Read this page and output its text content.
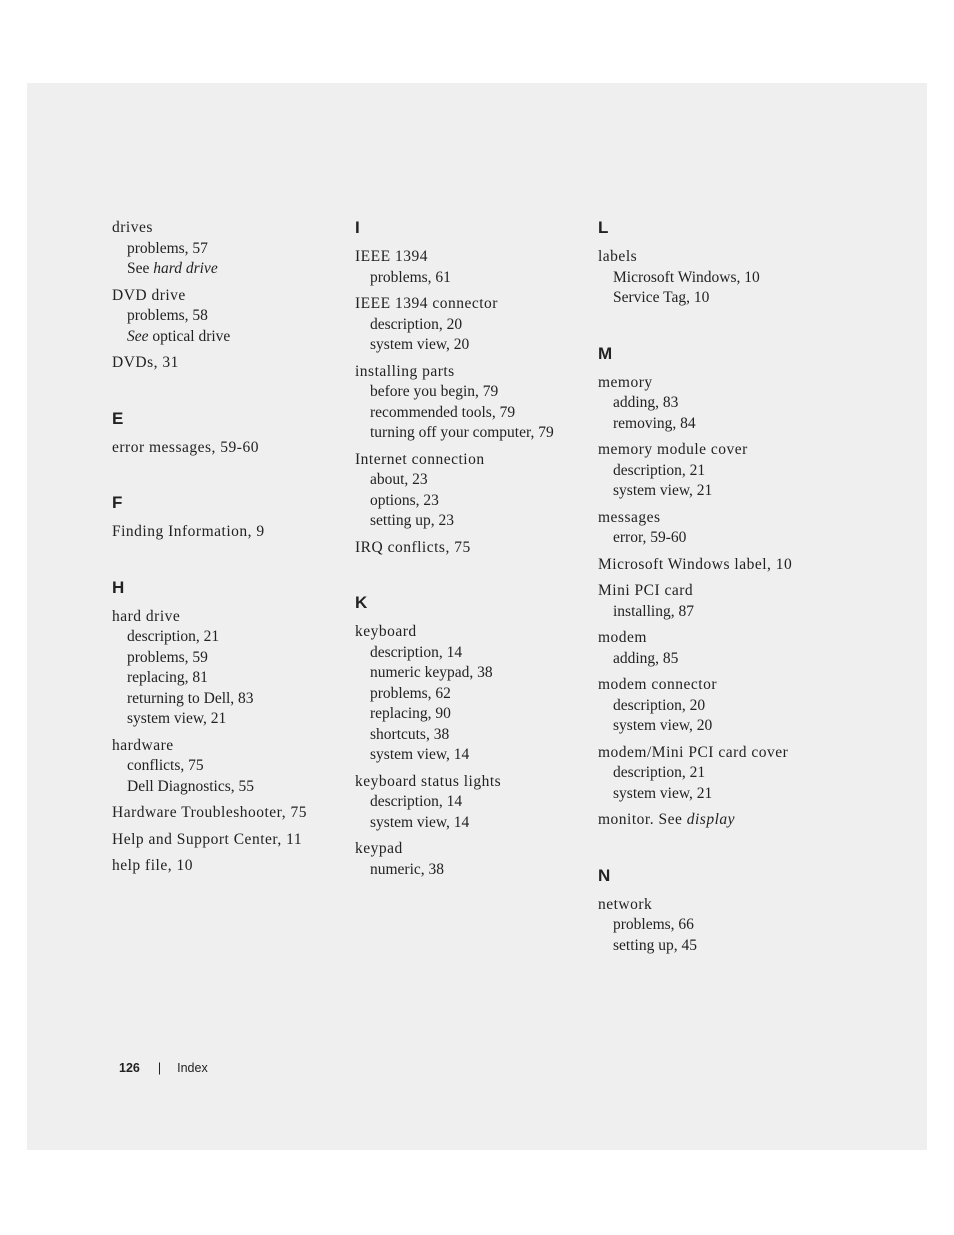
drives
problems, 57
See hard drive
DVD drive
problems, 58
See optical drive
DVDs, 31
E
error messages, 59-60
F
Finding Information, 9
H
hard drive
description, 21
problems, 59
replacing, 81
returning to Dell, 83
system view, 21
hardware
conflicts, 75
Dell Diagnostics, 55
Hardware Troubleshooter, 75
Help and Support Center, 11
help file, 10
I
IEEE 1394
problems, 61
IEEE 1394 connector
description, 20
system view, 20
installing parts
before you begin, 79
recommended tools, 79
turning off your computer, 79
Internet connection
about, 23
options, 23
setting up, 23
IRQ conflicts, 75
K
keyboard
description, 14
numeric keypad, 38
problems, 62
replacing, 90
shortcuts, 38
system view, 14
keyboard status lights
description, 14
system view, 14
keypad
numeric, 38
L
labels
Microsoft Windows, 10
Service Tag, 10
M
memory
adding, 83
removing, 84
memory module cover
description, 21
system view, 21
messages
error, 59-60
Microsoft Windows label, 10
Mini PCI card
installing, 87
modem
adding, 85
modem connector
description, 20
system view, 20
modem/Mini PCI card cover
description, 21
system view, 21
monitor. See display
N
network
problems, 66
setting up, 45
126 | Index
